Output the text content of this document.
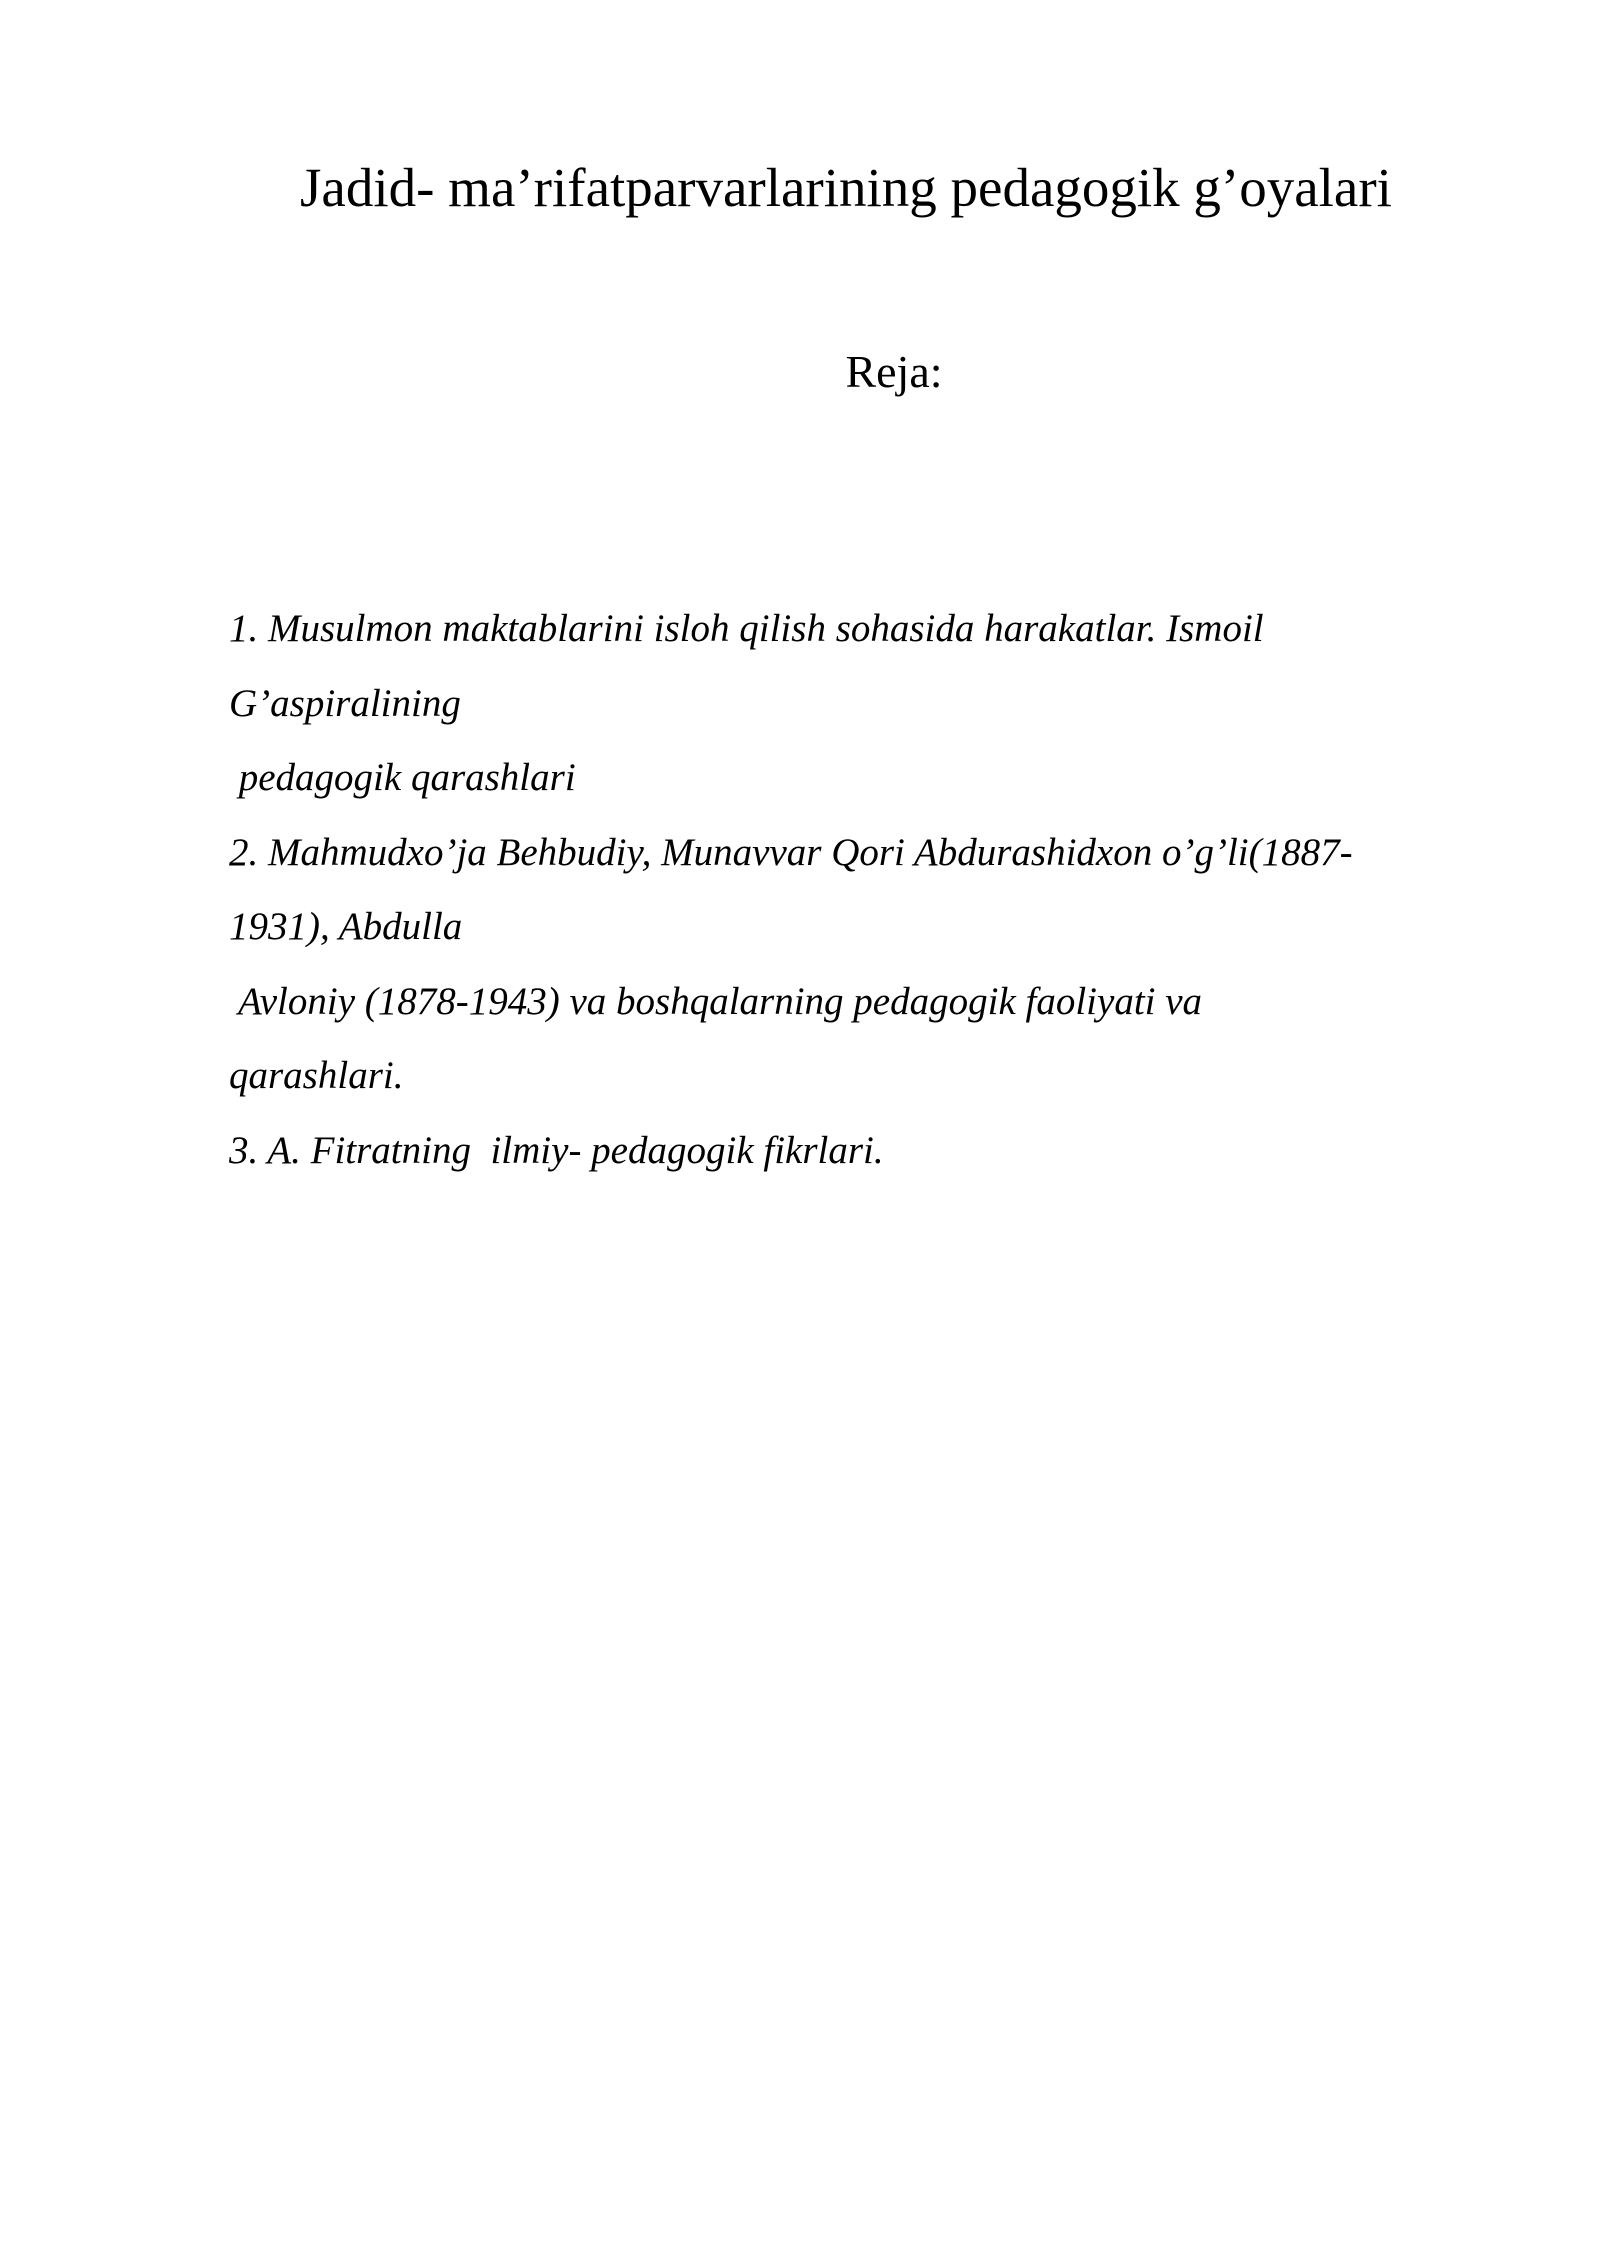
Jadid- ma’rifatparvarlarining pedagogik g’oyalari
Reja:
1. Musulmon maktablarini isloh qilish sohasida harakatlar. Ismoil
G’aspiralining
pedagogik qarashlari
2. Mahmudxo’ja Behbudiy, Munavvar Qori Abdurashidxon o’g’li(1887-
1931), Abdulla
Avloniy (1878-1943) va boshqalarning pedagogik faoliyati va
qarashlari.
3. A. Fitratning  ilmiy- pedagogik fikrlari.
